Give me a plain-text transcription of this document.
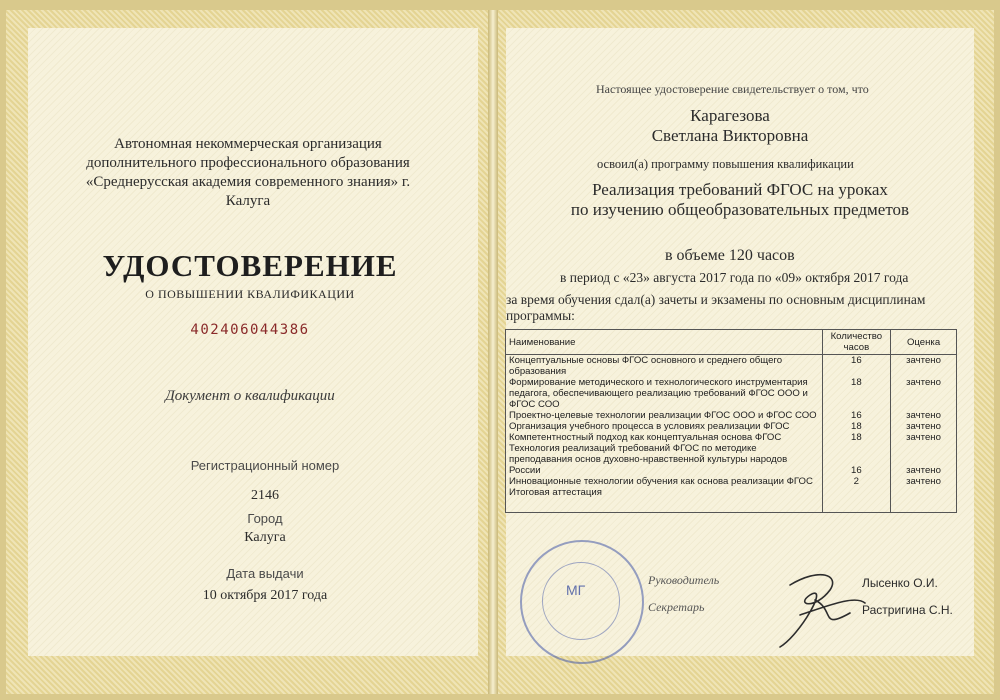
Автономная некоммерческая организация дополнительного профессионального образования «Среднерусская академия современного знания» г. Калуга
УДОСТОВЕРЕНИЕ
О ПОВЫШЕНИИ КВАЛИФИКАЦИИ
402406044386
Документ о квалификации
Регистрационный номер
2146
Город
Калуга
Дата выдачи
10 октября 2017 года
Настоящее удостоверение свидетельствует о том, что
Карагезова
Светлана Викторовна
освоил(а) программу повышения квалификации
Реализация требований ФГОС на уроках
по изучению общеобразовательных предметов
в объеме 120 часов
в период с «23» августа 2017 года по «09» октября 2017 года
за время обучения сдал(а) зачеты и экзамены по основным дисциплинам программы:
Наименование	Количество часов	Оценка
Концептуальные основы ФГОС основного и среднего общего образования	16	зачтено
Формирование методического и технологического инструментария педагога, обеспечивающего реализацию требований ФГОС ООО и ФГОС СОО	18	зачтено
Проектно-целевые технологии реализации ФГОС ООО и ФГОС СОО	16	зачтено
Организация учебного процесса в условиях реализации ФГОС	18	зачтено
Компетентностный подход как концептуальная основа ФГОС	18	зачтено
Технология реализаций требований ФГОС по методике преподавания основ духовно-нравственной культуры народов России	16	зачтено
Инновационные технологии обучения как основа реализации ФГОС	2	зачтено
Итоговая аттестация		
МГ
Руководитель
Секретарь
Лысенко О.И.
Растригина С.Н.
